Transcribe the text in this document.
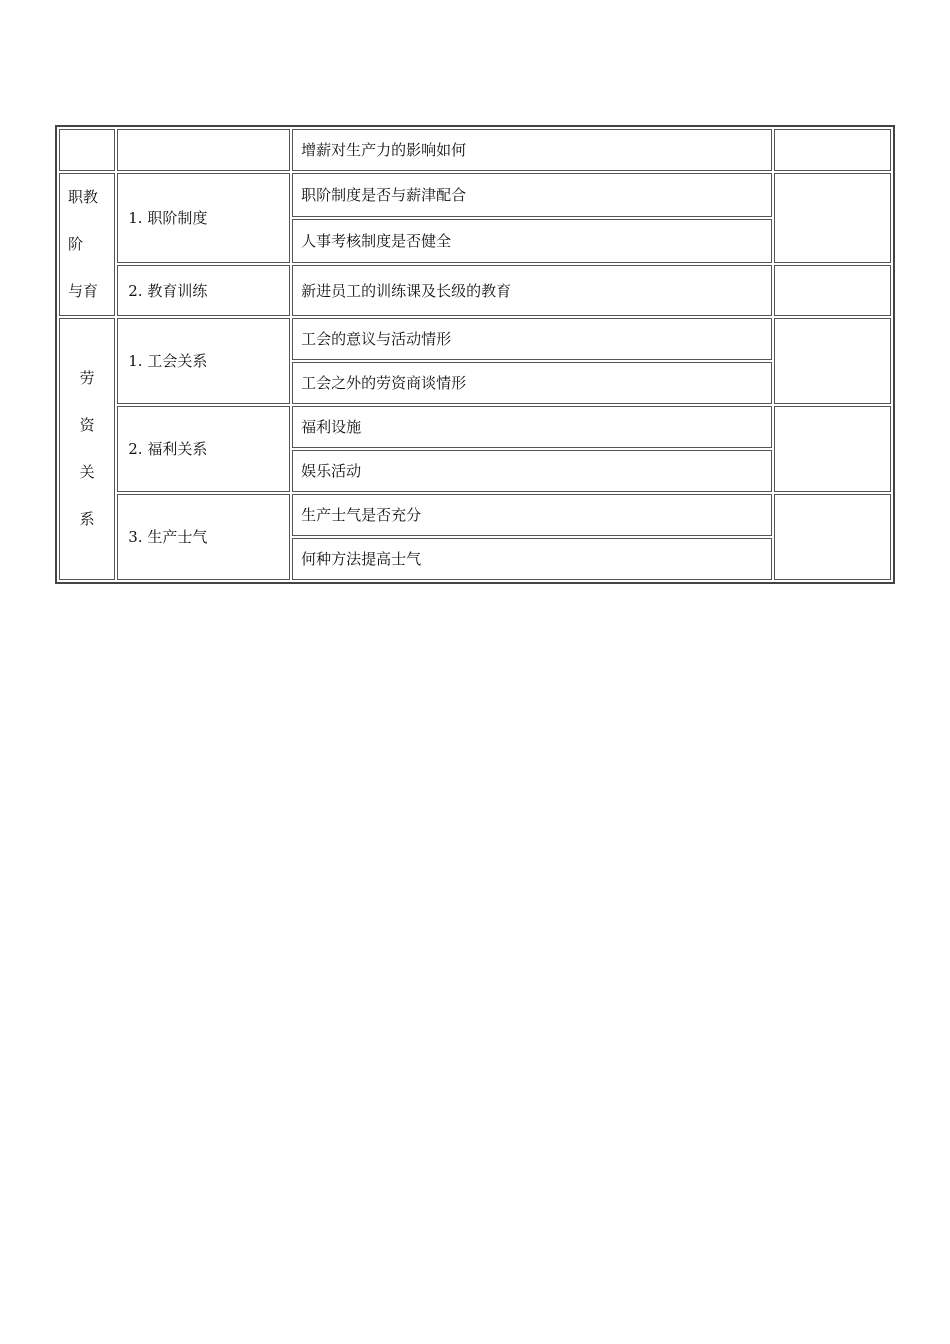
		增薪对生产力的影响如何	

职教
阶
与育	1. 职阶制度	职阶制度是否与薪津配合	
		人事考核制度是否健全	
	2. 教育训练	新进员工的训练课及长级的教育	

劳
资
关
系	1. 工会关系	工会的意议与活动情形	
		工会之外的劳资商谈情形	
	2. 福利关系	福利设施	
		娱乐活动	
	3. 生产士气	生产士气是否充分	
		何种方法提高士气	
